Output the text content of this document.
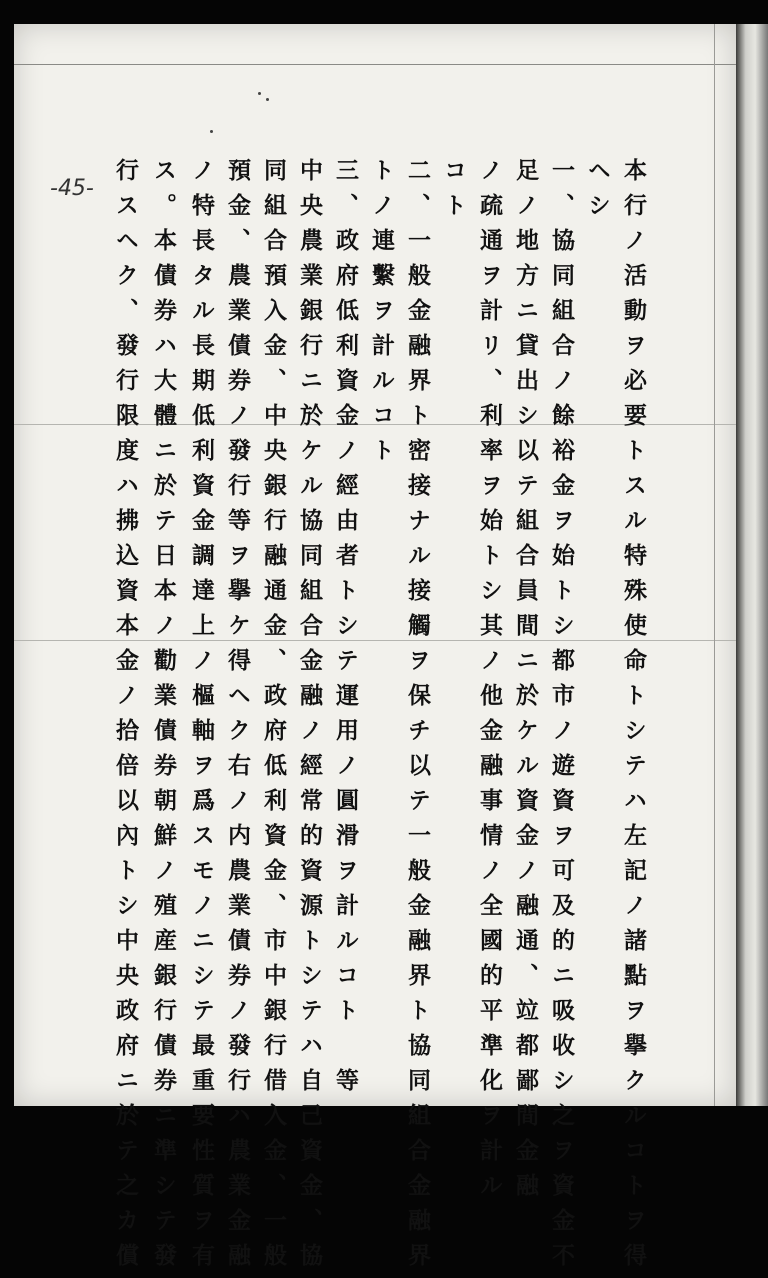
-45-	本行ノ活動ヲ必要トスル特殊使命トシテハ左記ノ諸點ヲ擧クルコトヲ得
ヘシ
一、協同組合ノ餘裕金ヲ始トシ都市ノ遊資ヲ可及的ニ吸收シ之ヲ資金不
足ノ地方ニ貸出シ以テ組合員間ニ於ケル資金ノ融通、竝都鄙間金融
ノ疏通ヲ計リ、利率ヲ始トシ其ノ他金融事情ノ全國的平準化ヲ計ル
コト
二、一般金融界ト密接ナル接觸ヲ保チ以テ一般金融界ト協同組合金融界
トノ連繫ヲ計ルコト
三、政府低利資金ノ經由者トシテ運用ノ圓滑ヲ計ルコト　等
中央農業銀行ニ於ケル協同組合金融ノ經常的資源トシテハ自己資金、協
同組合預入金、中央銀行融通金、政府低利資金、市中銀行借入金、一般
預金、農業債券ノ發行等ヲ擧ケ得ヘク右ノ内農業債券ノ發行ハ農業金融
ノ特長タル長期低利資金調達上ノ樞軸ヲ爲スモノニシテ最重要性質ヲ有
ス。本債券ハ大體ニ於テ日本ノ勸業債券朝鮮ノ殖産銀行債券ニ準シテ發
行スヘク、發行限度ハ拂込資本金ノ拾倍以內トシ中央政府ニ於テ之カ償
